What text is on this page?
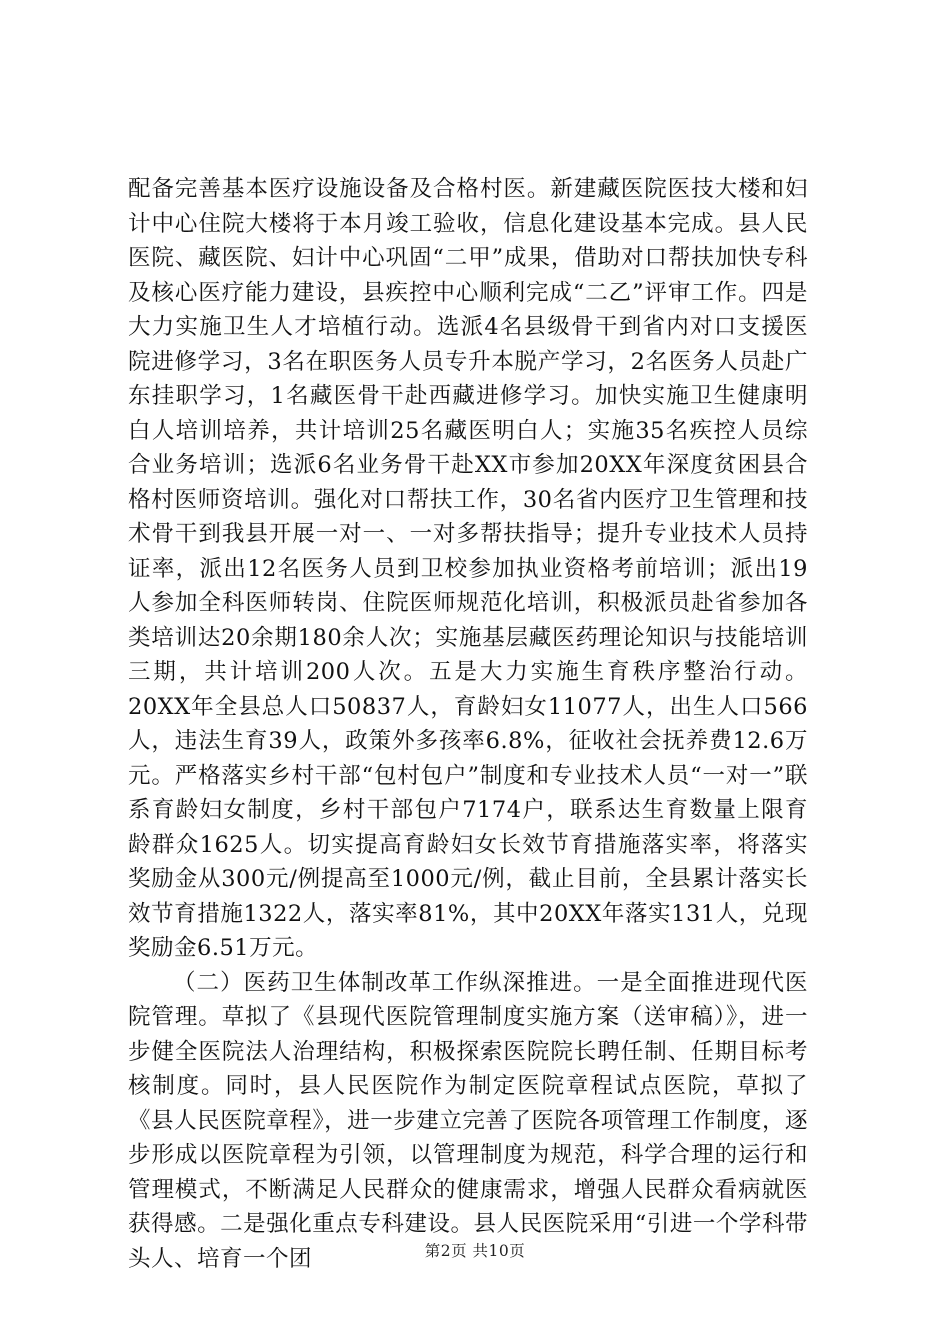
配备完善基本医疗设施设备及合格村医。新建藏医院医技大楼和妇计中心住院大楼将于本月竣工验收，信息化建设基本完成。县人民医院、藏医院、妇计中心巩固“二甲”成果，借助对口帮扶加快专科及核心医疗能力建设，县疾控中心顺利完成“二乙”评审工作。四是大力实施卫生人才培植行动。选派4名县级骨干到省内对口支援医院进修学习，3名在职医务人员专升本脱产学习，2名医务人员赴广东挂职学习，1名藏医骨干赴西藏进修学习。加快实施卫生健康明白人培训培养，共计培训25名藏医明白人；实施35名疾控人员综合业务培训；选派6名业务骨干赴XX市参加20XX年深度贫困县合格村医师资培训。强化对口帮扶工作，30名省内医疗卫生管理和技术骨干到我县开展一对一、一对多帮扶指导；提升专业技术人员持证率，派出12名医务人员到卫校参加执业资格考前培训；派出19人参加全科医师转岗、住院医师规范化培训，积极派员赴省参加各类培训达20余期180余人次；实施基层藏医药理论知识与技能培训三期，共计培训200人次。五是大力实施生育秩序整治行动。20XX年全县总人口50837人，育龄妇女11077人，出生人口566人，违法生育39人，政策外多孩率6.8%，征收社会抚养费12.6万元。严格落实乡村干部“包村包户”制度和专业技术人员“一对一”联系育龄妇女制度，乡村干部包户7174户，联系达生育数量上限育龄群众1625人。切实提高育龄妇女长效节育措施落实率，将落实奖励金从300元/例提高至1000元/例，截止目前，全县累计落实长效节育措施1322人，落实率81%，其中20XX年落实131人，兑现奖励金6.51万元。

（二）医药卫生体制改革工作纵深推进。一是全面推进现代医院管理。草拟了《县现代医院管理制度实施方案（送审稿）》，进一步健全医院法人治理结构，积极探索医院院长聘任制、任期目标考核制度。同时，县人民医院作为制定医院章程试点医院，草拟了《县人民医院章程》，进一步建立完善了医院各项管理工作制度，逐步形成以医院章程为引领，以管理制度为规范，科学合理的运行和管理模式，不断满足人民群众的健康需求，增强人民群众看病就医获得感。二是强化重点专科建设。县人民医院采用“引进一个学科带头人、培育一个团	第2页 共10页
